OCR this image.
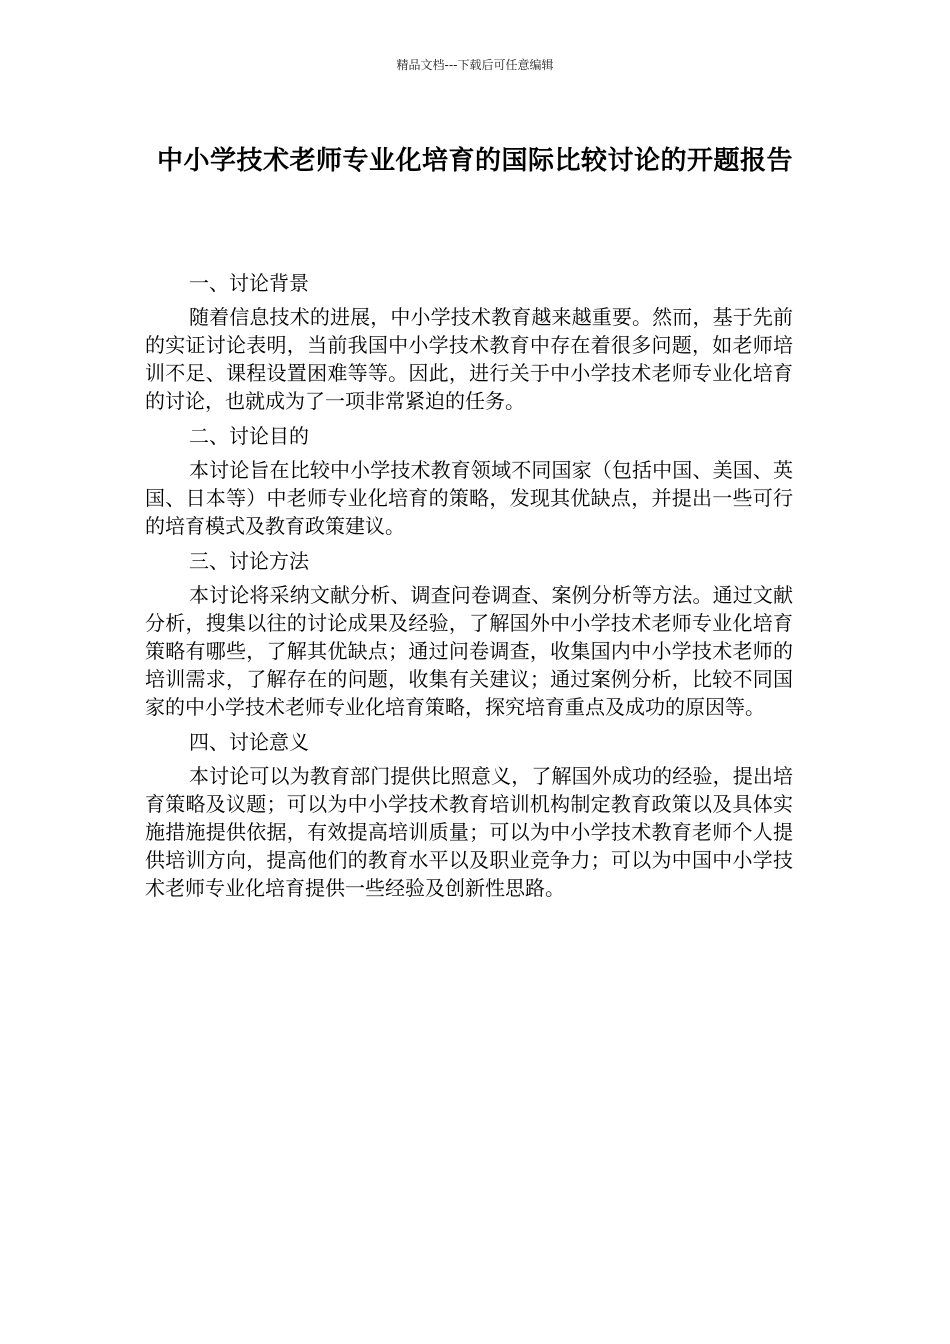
精品文档---下载后可任意编辑
中小学技术老师专业化培育的国际比较讨论的开题报告
一、讨论背景

随着信息技术的进展，中小学技术教育越来越重要。然而，基于先前的实证讨论表明，当前我国中小学技术教育中存在着很多问题，如老师培训不足、课程设置困难等等。因此，进行关于中小学技术老师专业化培育的讨论，也就成为了一项非常紧迫的任务。

二、讨论目的

本讨论旨在比较中小学技术教育领域不同国家（包括中国、美国、英国、日本等）中老师专业化培育的策略，发现其优缺点，并提出一些可行的培育模式及教育政策建议。

三、讨论方法

本讨论将采纳文献分析、调查问卷调查、案例分析等方法。通过文献分析，搜集以往的讨论成果及经验，了解国外中小学技术老师专业化培育策略有哪些，了解其优缺点；通过问卷调查，收集国内中小学技术老师的培训需求，了解存在的问题，收集有关建议；通过案例分析，比较不同国家的中小学技术老师专业化培育策略，探究培育重点及成功的原因等。

四、讨论意义

本讨论可以为教育部门提供比照意义，了解国外成功的经验，提出培育策略及议题；可以为中小学技术教育培训机构制定教育政策以及具体实施措施提供依据，有效提高培训质量；可以为中小学技术教育老师个人提供培训方向，提高他们的教育水平以及职业竞争力；可以为中国中小学技术老师专业化培育提供一些经验及创新性思路。
